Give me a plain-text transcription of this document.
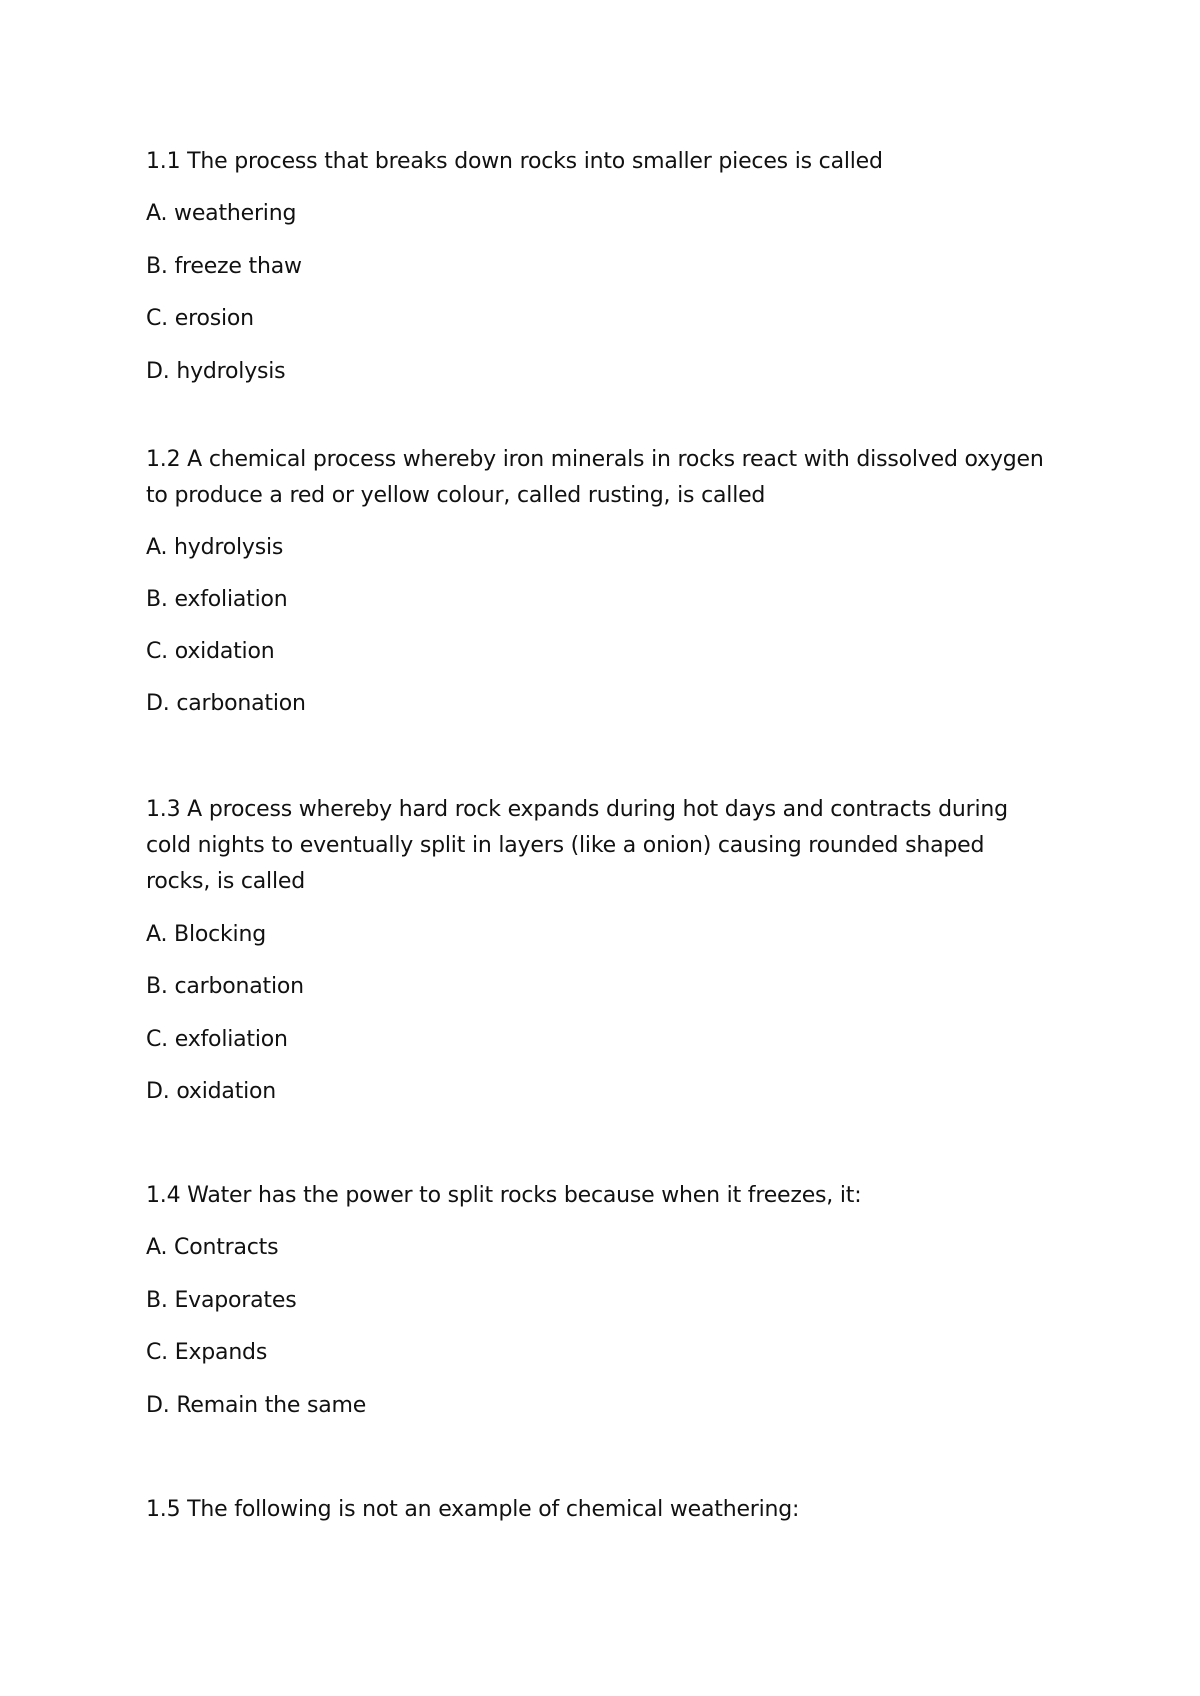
1.1 The process that breaks down rocks into smaller pieces is called
A. weathering
B. freeze thaw
C. erosion
D. hydrolysis
1.2 A chemical process whereby iron minerals in rocks react with dissolved oxygen
to produce a red or yellow colour, called rusting, is called
A. hydrolysis
B. exfoliation
C. oxidation
D. carbonation
1.3 A process whereby hard rock expands during hot days and contracts during
cold nights to eventually split in layers (like a onion) causing rounded shaped
rocks, is called
A. Blocking
B. carbonation
C. exfoliation
D. oxidation
1.4 Water has the power to split rocks because when it freezes, it:
A. Contracts
B. Evaporates
C. Expands
D. Remain the same
1.5 The following is not an example of chemical weathering:
